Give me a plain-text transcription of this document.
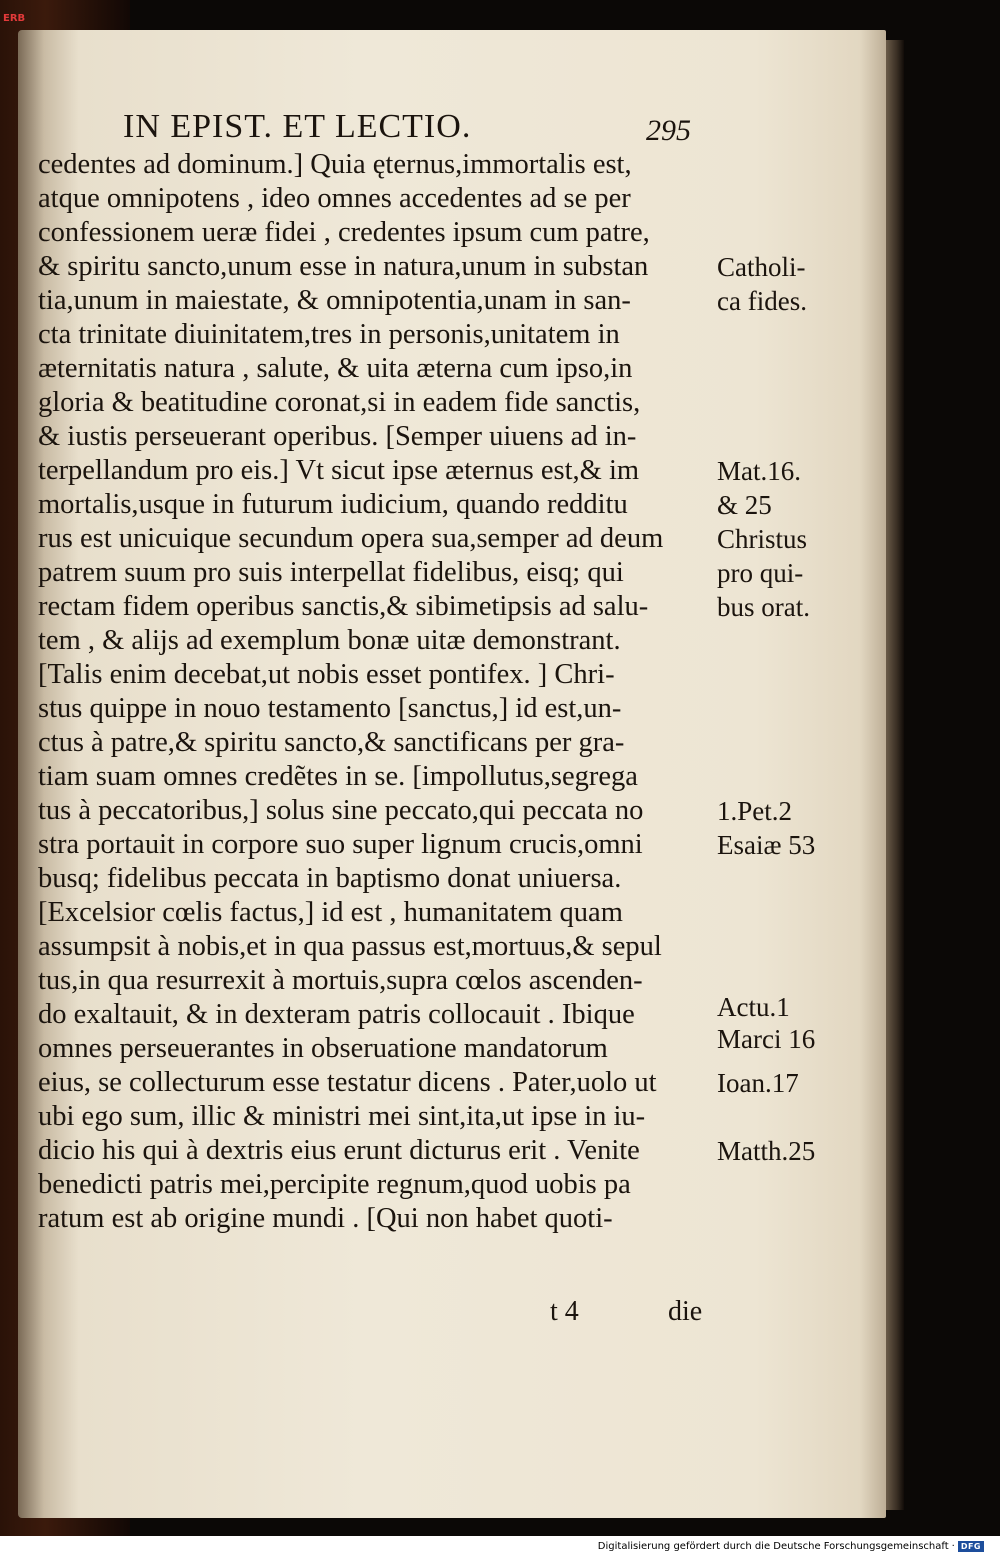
ERB
IN EPIST. ET LECTIO.	295
cedentes ad dominum.] Quia ęternus,immortalis est,
atque omnipotens , ideo omnes accedentes ad se per
confessionem ueræ fidei , credentes ipsum cum patre,
& spiritu sancto,unum esse in natura,unum in substan
tia,unum in maiestate, & omnipotentia,unam in san-
cta trinitate diuinitatem,tres in personis,unitatem in
æternitatis natura , salute, & uita æterna cum ipso,in
gloria & beatitudine coronat,si in eadem fide sanctis,
& iustis perseuerant operibus. [Semper uiuens ad in-
terpellandum pro eis.] Vt sicut ipse æternus est,& im
mortalis,usque in futurum iudicium, quando redditu
rus est unicuique secundum opera sua,semper ad deum
patrem suum pro suis interpellat fidelibus, eisq; qui
rectam fidem operibus sanctis,& sibimetipsis ad salu-
tem , & alijs ad exemplum bonæ uitæ demonstrant.
[Talis enim decebat,ut nobis esset pontifex. ] Chri-
stus quippe in nouo testamento [sanctus,] id est,un-
ctus à patre,& spiritu sancto,& sanctificans per gra-
tiam suam omnes credẽtes in se. [impollutus,segrega
tus à peccatoribus,] solus sine peccato,qui peccata no
stra portauit in corpore suo super lignum crucis,omni
busq; fidelibus peccata in baptismo donat uniuersa.
[Excelsior cœlis factus,] id est , humanitatem quam
assumpsit à nobis,et in qua passus est,mortuus,& sepul
tus,in qua resurrexit à mortuis,supra cœlos ascenden-
do exaltauit, & in dexteram patris collocauit . Ibique
omnes perseuerantes in obseruatione mandatorum
eius, se collecturum esse testatur dicens . Pater,uolo ut
ubi ego sum, illic & ministri mei sint,ita,ut ipse in iu-
dicio his qui à dextris eius erunt dicturus erit . Venite
benedicti patris mei,percipite regnum,quod uobis pa
ratum est ab origine mundi . [Qui non habet quoti-
Catholi-
ca fides.
Mat.16.
& 25
Christus
pro qui-
bus orat.
1.Pet.2
Esaiæ 53
Actu.1
Marci 16
Ioan.17
Matth.25
t 4	die
Digitalisierung gefördert durch die Deutsche Forschungsgemeinschaft · DFG
